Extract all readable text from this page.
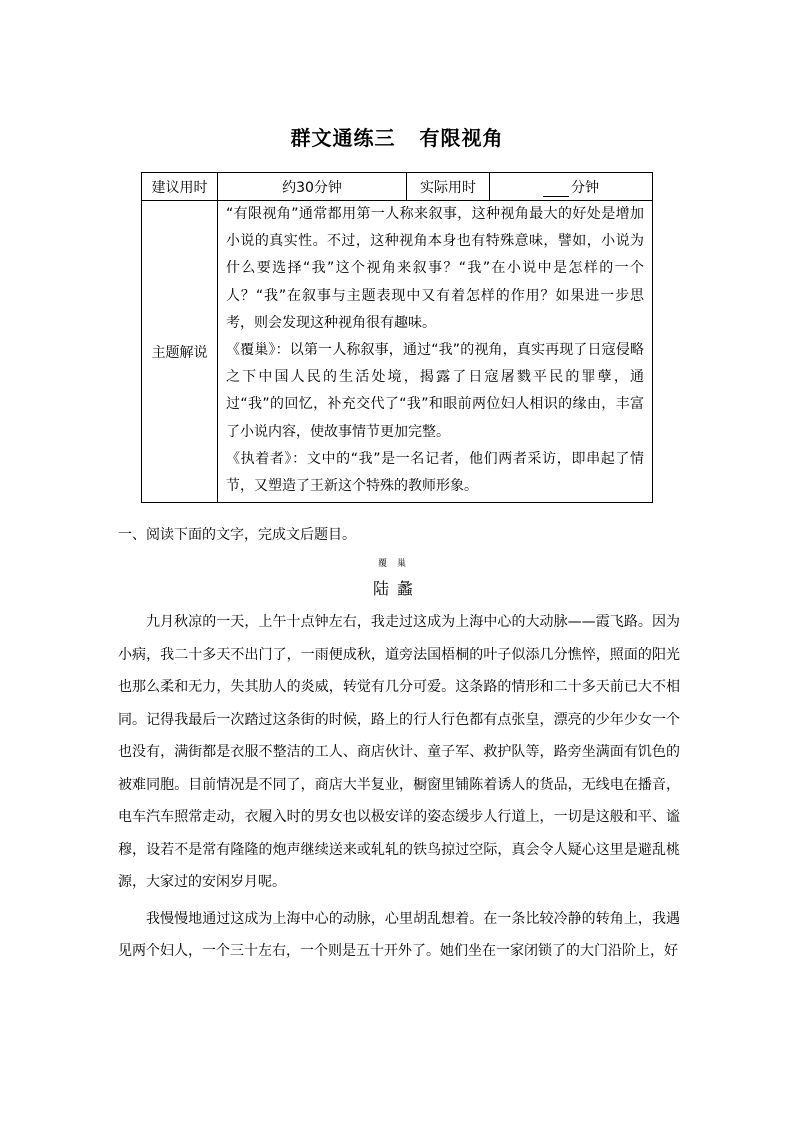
群文通练三 有限视角
建议用时	约30分钟	实际用时	分钟
主题解说	“有限视角”通常都用第一人称来叙事，这种视角最大的好处是增加小说的真实性。不过，这种视角本身也有特殊意味，譬如，小说为什么要选择“我”这个视角来叙事？“我”在小说中是怎样的一个人？“我”在叙事与主题表现中又有着怎样的作用？如果进一步思考，则会发现这种视角很有趣味。

《覆巢》：以第一人称叙事，通过“我”的视角，真实再现了日寇侵略之下中国人民的生活处境，揭露了日寇屠戮平民的罪孽，通过“我”的回忆，补充交代了“我”和眼前两位妇人相识的缘由，丰富了小说内容，使故事情节更加完整。

《执着者》：文中的“我”是一名记者，他们两者采访，即串起了情节，又塑造了王新这个特殊的教师形象。		

一、阅读下面的文字，完成文后题目。
覆巢
陆蠡

九月秋凉的一天，上午十点钟左右，我走过这成为上海中心的大动脉——霞飞路。因为小病，我二十多天不出门了，一雨便成秋，道旁法国梧桐的叶子似添几分憔悴，照面的阳光也那么柔和无力，失其肋人的炎威，转觉有几分可爱。这条路的情形和二十多天前已大不相同。记得我最后一次踏过这条街的时候，路上的行人行色都有点张皇，漂亮的少年少女一个也没有，满街都是衣服不整洁的工人、商店伙计、童子军、救护队等，路旁坐满面有饥色的被难同胞。目前情况是不同了，商店大半复业，橱窗里铺陈着诱人的货品，无线电在播音，电车汽车照常走动，衣履入时的男女也以极安详的姿态缓步人行道上，一切是这般和平、谧穆，设若不是常有隆隆的炮声继续送来或轧轧的铁鸟掠过空际，真会令人疑心这里是避乱桃源，大家过的安闲岁月呢。

我慢慢地通过这成为上海中心的动脉，心里胡乱想着。在一条比较冷静的转角上，我遇见两个妇人，一个三十左右，一个则是五十开外了。她们坐在一家闭锁了的大门沿阶上，好
